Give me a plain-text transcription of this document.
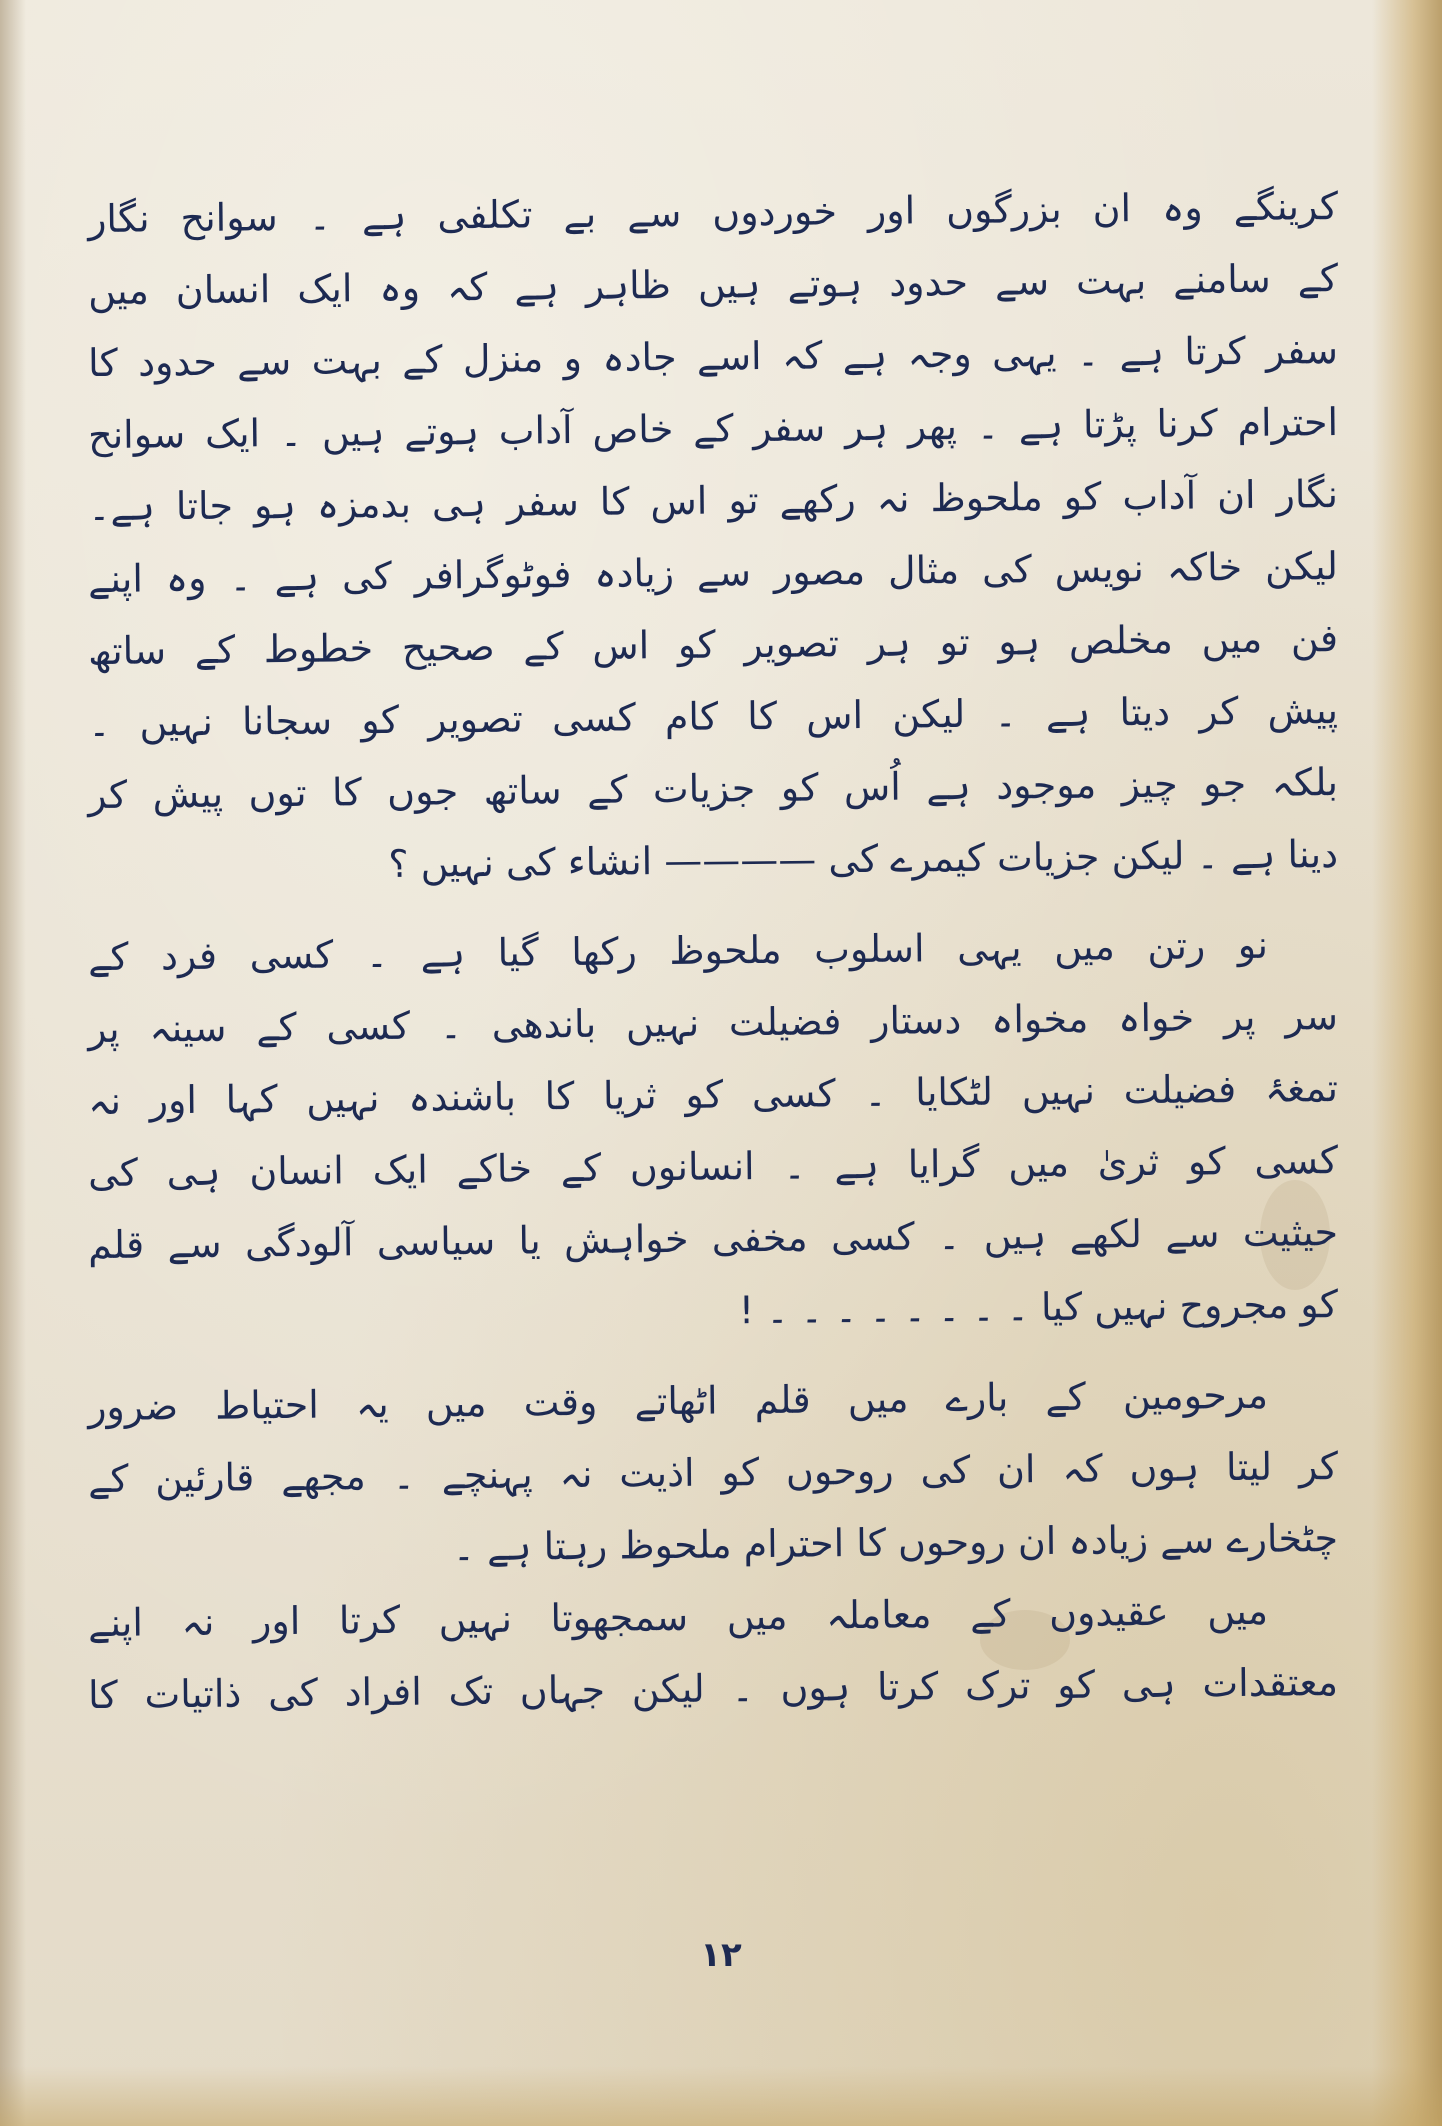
کرینگے وہ ان بزرگوں اور خوردوں سے بے تکلفی ہے ۔ سوانح نگار
کے سامنے بہت سے حدود ہوتے ہیں ظاہر ہے کہ وہ ایک انسان میں
سفر کرتا ہے ۔ یہی وجہ ہے کہ اسے جادہ و منزل کے بہت سے حدود کا
احترام کرنا پڑتا ہے ۔ پھر ہر سفر کے خاص آداب ہوتے ہیں ۔ ایک سوانح
نگار ان آداب کو ملحوظ نہ رکھے تو اس کا سفر ہی بدمزہ ہو جاتا ہے۔
لیکن خاکہ نویس کی مثال مصور سے زیادہ فوٹوگرافر کی ہے ۔ وہ اپنے
فن میں مخلص ہو تو ہر تصویر کو اس کے صحیح خطوط کے ساتھ
پیش کر دیتا ہے ۔ لیکن اس کا کام کسی تصویر کو سجانا نہیں ۔
بلکہ جو چیز موجود ہے اُس کو جزیات کے ساتھ جوں کا توں پیش کر
دینا ہے ۔ لیکن جزیات کیمرے کی ———— انشاء کی نہیں ؟
نو رتن میں یہی اسلوب ملحوظ رکھا گیا ہے ۔ کسی فرد کے
سر پر خواہ مخواہ دستار فضیلت نہیں باندھی ۔ کسی کے سینہ پر
تمغۂ فضیلت نہیں لٹکایا ۔ کسی کو ثریا کا باشندہ نہیں کہا اور نہ
کسی کو ثریٰ میں گرایا ہے ۔ انسانوں کے خاکے ایک انسان ہی کی
حیثیت سے لکھے ہیں ۔ کسی مخفی خواہش یا سیاسی آلودگی سے قلم
کو مجروح نہیں کیا ۔ ۔ ۔ ۔ ۔ ۔ ۔ ۔ !
مرحومین کے بارے میں قلم اٹھاتے وقت میں یہ احتیاط ضرور
کر لیتا ہوں کہ ان کی روحوں کو اذیت نہ پہنچے ۔ مجھے قارئین کے
چٹخارے سے زیادہ ان روحوں کا احترام ملحوظ رہتا ہے ۔
میں عقیدوں کے معاملہ میں سمجھوتا نہیں کرتا اور نہ اپنے
معتقدات ہی کو ترک کرتا ہوں ۔ لیکن جہاں تک افراد کی ذاتیات کا
۱۲
